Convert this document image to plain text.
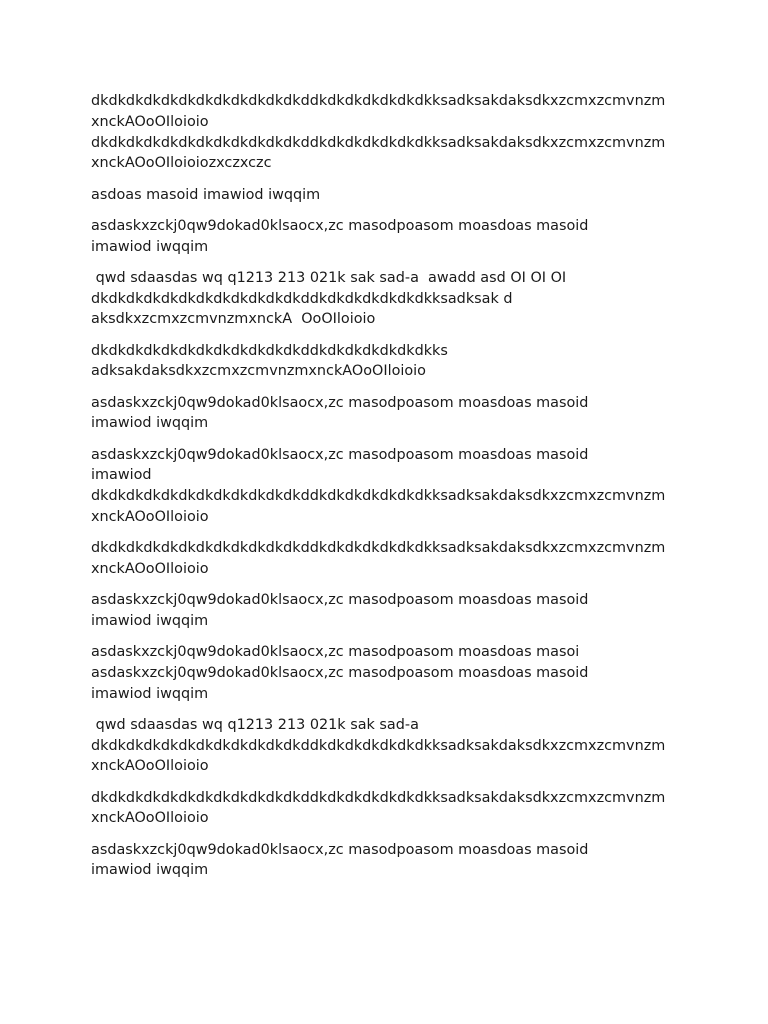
dkdkdkdkdkdkdkdkdkdkdkdkddkdkdkdkdkdkdkksadksakdaksdkxzcmxzcmvnzm
xnckAOoOIloioio
dkdkdkdkdkdkdkdkdkdkdkdkddkdkdkdkdkdkdkksadksakdaksdkxzcmxzcmvnzm
xnckAOoOIloioiozxczxczc

asdoas masoid imawiod iwqqim

asdaskxzckj0qw9dokad0klsaocx,zc masodpoasom moasdoas masoid
imawiod iwqqim

qwd sdaasdas wq q1213 213 021k sak sad-a  awadd asd OI OI OI
dkdkdkdkdkdkdkdkdkdkdkdkddkdkdkdkdkdkdkksadksak d
aksdkxzcmxzcmvnzmxnckA  OoOIloioio

dkdkdkdkdkdkdkdkdkdkdkdkddkdkdkdkdkdkdkks
adksakdaksdkxzcmxzcmvnzmxnckAOoOIloioio

asdaskxzckj0qw9dokad0klsaocx,zc masodpoasom moasdoas masoid
imawiod iwqqim

asdaskxzckj0qw9dokad0klsaocx,zc masodpoasom moasdoas masoid
imawiod
dkdkdkdkdkdkdkdkdkdkdkdkddkdkdkdkdkdkdkksadksakdaksdkxzcmxzcmvnzm
xnckAOoOIloioio

dkdkdkdkdkdkdkdkdkdkdkdkddkdkdkdkdkdkdkksadksakdaksdkxzcmxzcmvnzm
xnckAOoOIloioio

asdaskxzckj0qw9dokad0klsaocx,zc masodpoasom moasdoas masoid
imawiod iwqqim

asdaskxzckj0qw9dokad0klsaocx,zc masodpoasom moasdoas masoi
asdaskxzckj0qw9dokad0klsaocx,zc masodpoasom moasdoas masoid
imawiod iwqqim

qwd sdaasdas wq q1213 213 021k sak sad-a
dkdkdkdkdkdkdkdkdkdkdkdkddkdkdkdkdkdkdkksadksakdaksdkxzcmxzcmvnzm
xnckAOoOIloioio

dkdkdkdkdkdkdkdkdkdkdkdkddkdkdkdkdkdkdkksadksakdaksdkxzcmxzcmvnzm
xnckAOoOIloioio

asdaskxzckj0qw9dokad0klsaocx,zc masodpoasom moasdoas masoid
imawiod iwqqim
